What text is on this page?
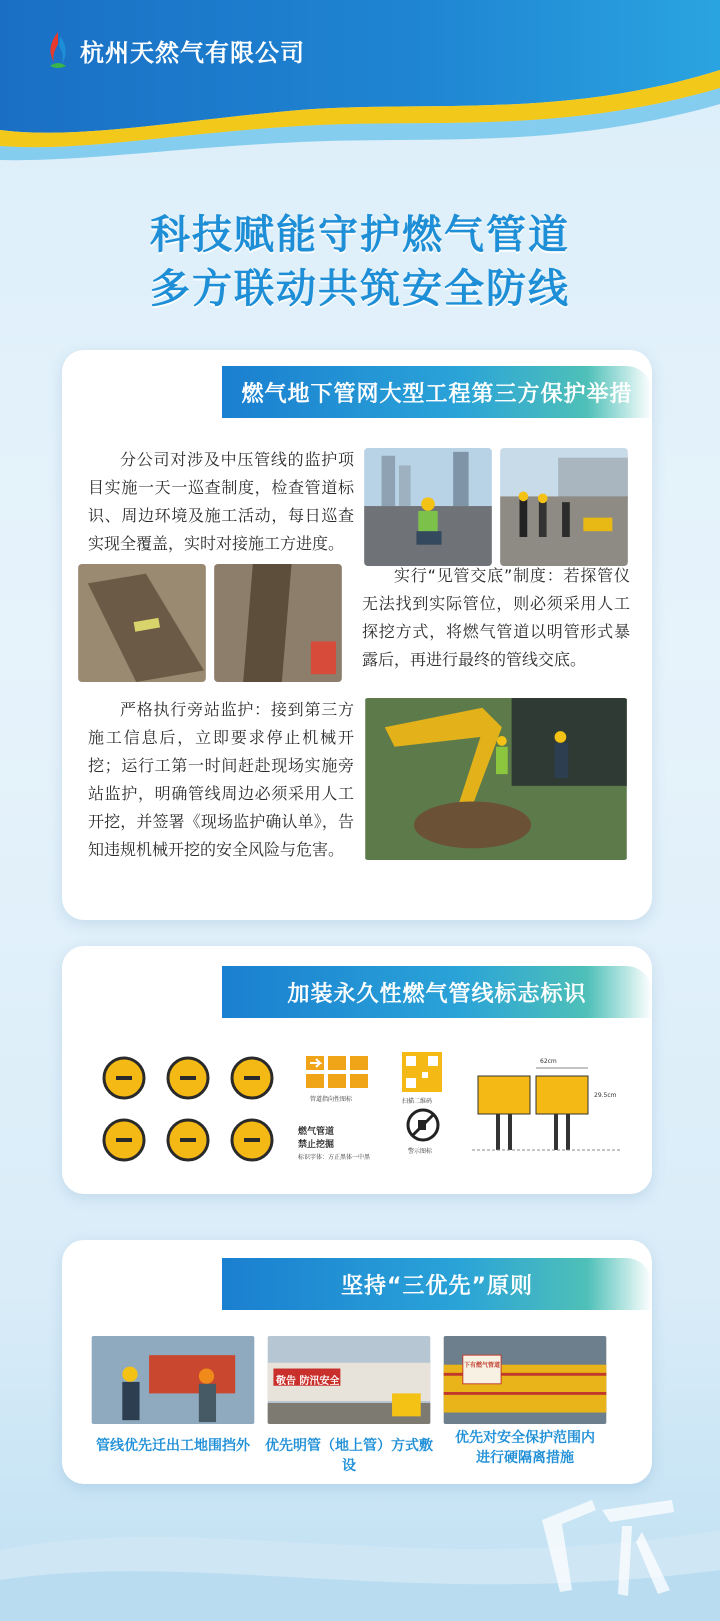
杭州天然气有限公司
科技赋能守护燃气管道
多方联动共筑安全防线
燃气地下管网大型工程第三方保护举措
分公司对涉及中压管线的监护项目实施一天一巡查制度，检查管道标识、周边环境及施工活动，每日巡查实现全覆盖，实时对接施工方进度。
实行“见管交底”制度：若探管仪无法找到实际管位，则必须采用人工探挖方式，将燃气管道以明管形式暴露后，再进行最终的管线交底。
严格执行旁站监护：接到第三方施工信息后，立即要求停止机械开挖；运行工第一时间赶赴现场实施旁站监护，明确管线周边必须采用人工开挖，并签署《现场监护确认单》，告知违规机械开挖的安全风险与危害。
加装永久性燃气管线标志标识
管道指向性图标
燃气管道
禁止挖掘
标识字体：方正黑体一中黑
扫描二维码
警示图标
62cm
29.5cm
坚持“三优先”原则
敬告 防汛安全
下有燃气管道
管线优先迁出工地围挡外	优先明管（地上管）方式敷设
优先对安全保护范围内
进行硬隔离措施
